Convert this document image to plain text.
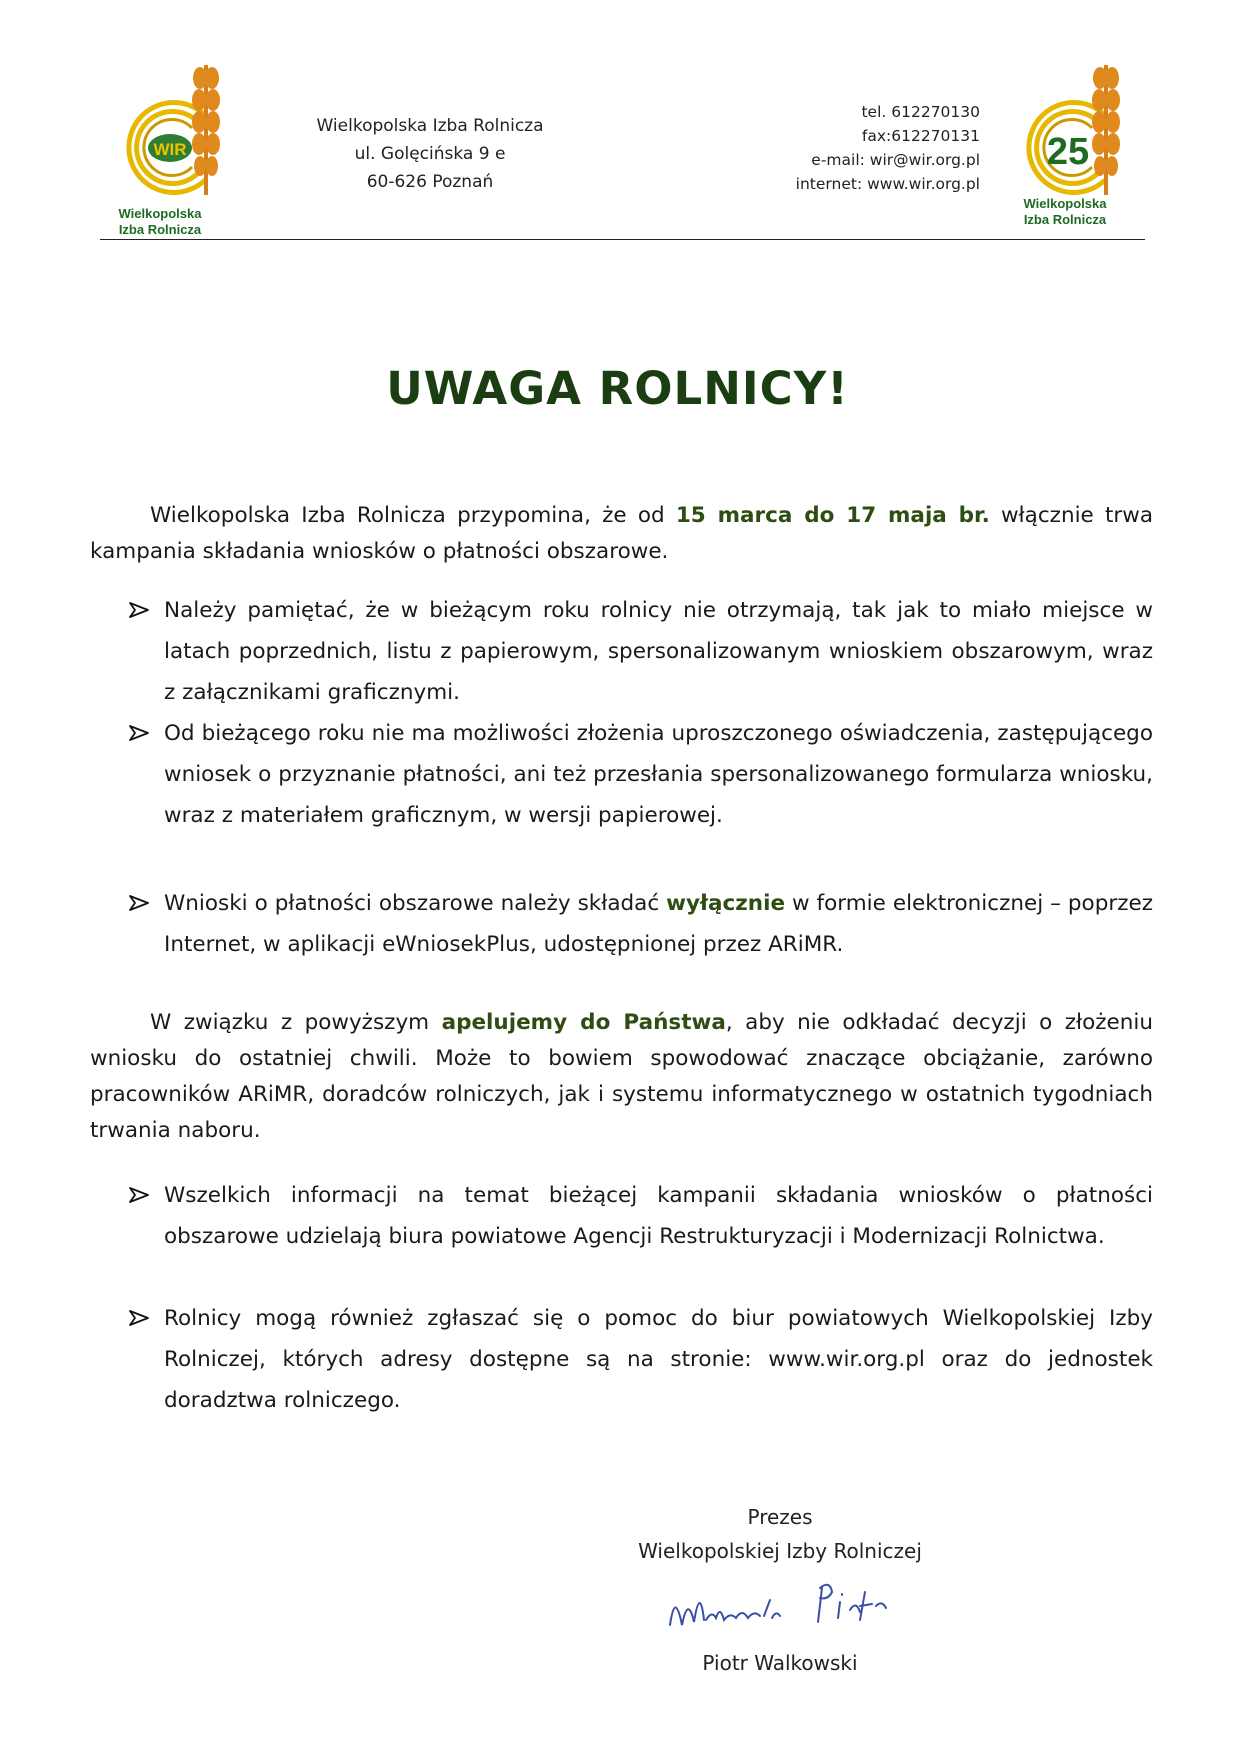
WIR
Wielkopolska
Izba Rolnicza
Wielkopolska Izba Rolnicza
ul. Golęcińska 9 e
60-626 Poznań
tel. 612270130
fax:612270131
e-mail: wir@wir.org.pl
internet: www.wir.org.pl
25
Wielkopolska
Izba Rolnicza
UWAGA ROLNICY!
Wielkopolska Izba Rolnicza przypomina, że od 15 marca do 17 maja br. włącznie trwa kampania składania wniosków o płatności obszarowe.
Należy pamiętać, że w bieżącym roku rolnicy nie otrzymają, tak jak to miało miejsce w latach poprzednich, listu z papierowym, spersonalizowanym wnioskiem obszarowym, wraz z załącznikami graficznymi.
Od bieżącego roku nie ma możliwości złożenia uproszczonego oświadczenia, zastępującego wniosek o przyznanie płatności, ani też przesłania spersonalizowanego formularza wniosku, wraz z materiałem graficznym, w wersji papierowej.
Wnioski o płatności obszarowe należy składać wyłącznie w formie elektronicznej – poprzez Internet, w aplikacji eWniosekPlus, udostępnionej przez ARiMR.
W związku z powyższym apelujemy do Państwa, aby nie odkładać decyzji o złożeniu wniosku do ostatniej chwili. Może to bowiem spowodować znaczące obciążanie, zarówno pracowników ARiMR, doradców rolniczych, jak i systemu informatycznego w ostatnich tygodniach trwania naboru.
Wszelkich informacji na temat bieżącej kampanii składania wniosków o płatności obszarowe udzielają biura powiatowe Agencji Restrukturyzacji i Modernizacji Rolnictwa.
Rolnicy mogą również zgłaszać się o pomoc do biur powiatowych Wielkopolskiej Izby Rolniczej, których adresy dostępne są na stronie: www.wir.org.pl oraz do jednostek doradztwa rolniczego.
Prezes
Wielkopolskiej Izby Rolniczej
Piotr Walkowski
